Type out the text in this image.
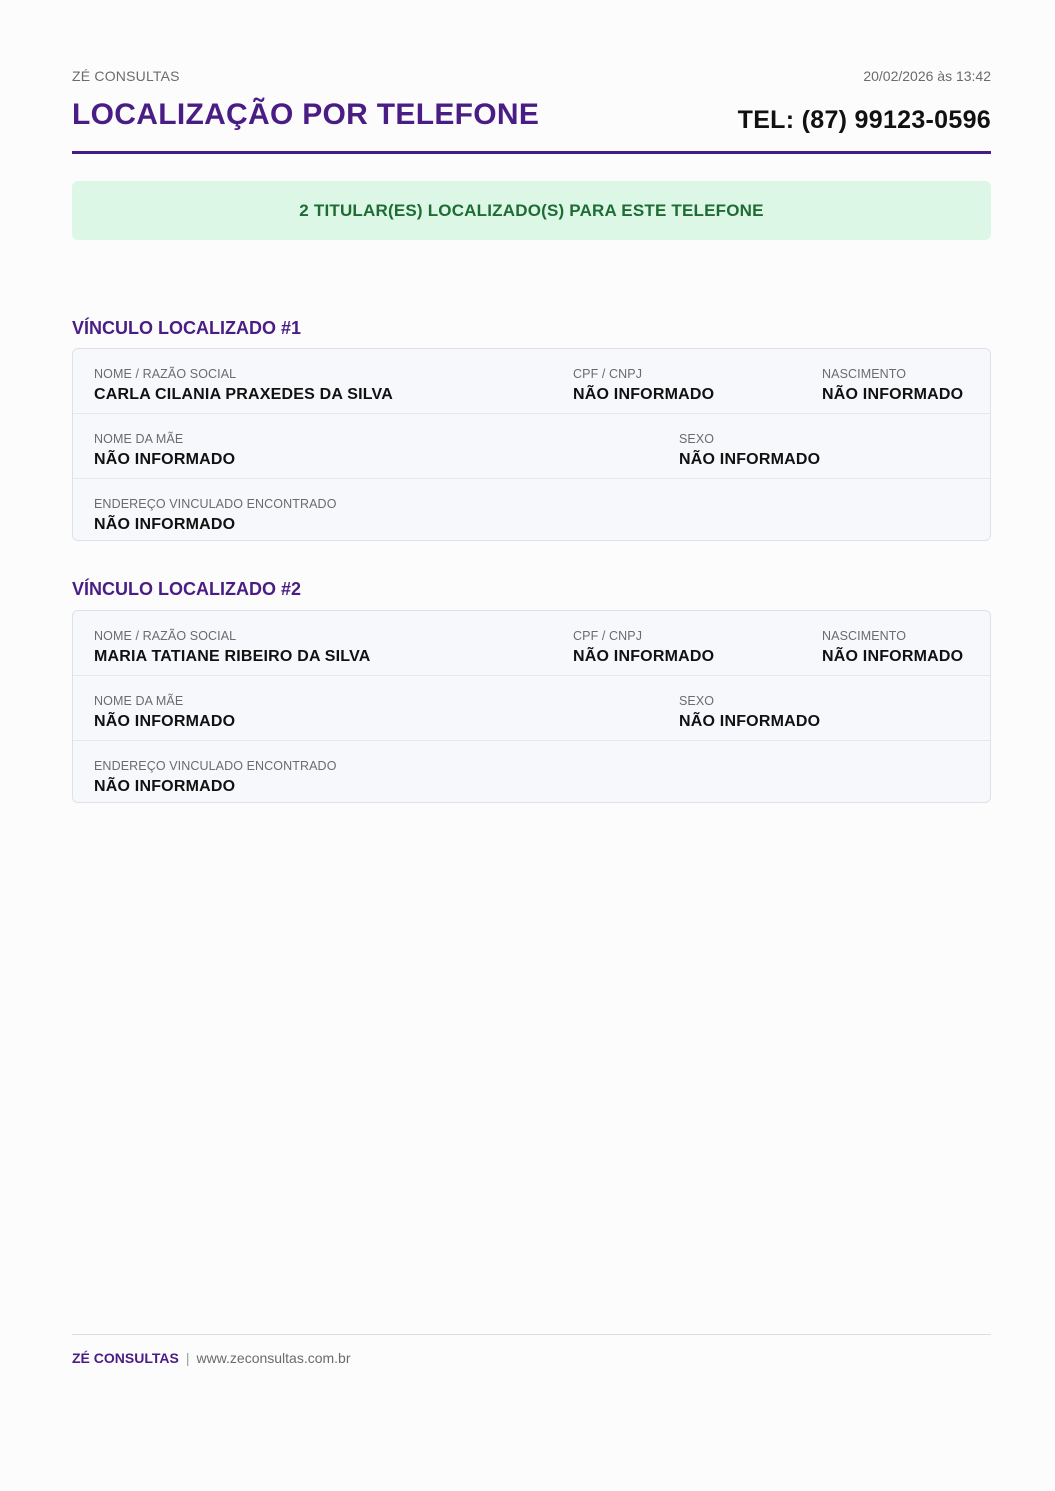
ZÉ CONSULTAS	20/02/2026 às 13:42
LOCALIZAÇÃO POR TELEFONE	TEL: (87) 99123-0596
2 TITULAR(ES) LOCALIZADO(S) PARA ESTE TELEFONE
VÍNCULO LOCALIZADO #1
NOME / RAZÃO SOCIAL
CARLA CILANIA PRAXEDES DA SILVA
CPF / CNPJ
NÃO INFORMADO
NASCIMENTO
NÃO INFORMADO
NOME DA MÃE
NÃO INFORMADO
SEXO
NÃO INFORMADO
ENDEREÇO VINCULADO ENCONTRADO
NÃO INFORMADO
VÍNCULO LOCALIZADO #2
NOME / RAZÃO SOCIAL
MARIA TATIANE RIBEIRO DA SILVA
CPF / CNPJ
NÃO INFORMADO
NASCIMENTO
NÃO INFORMADO
NOME DA MÃE
NÃO INFORMADO
SEXO
NÃO INFORMADO
ENDEREÇO VINCULADO ENCONTRADO
NÃO INFORMADO
ZÉ CONSULTAS | www.zeconsultas.com.br
